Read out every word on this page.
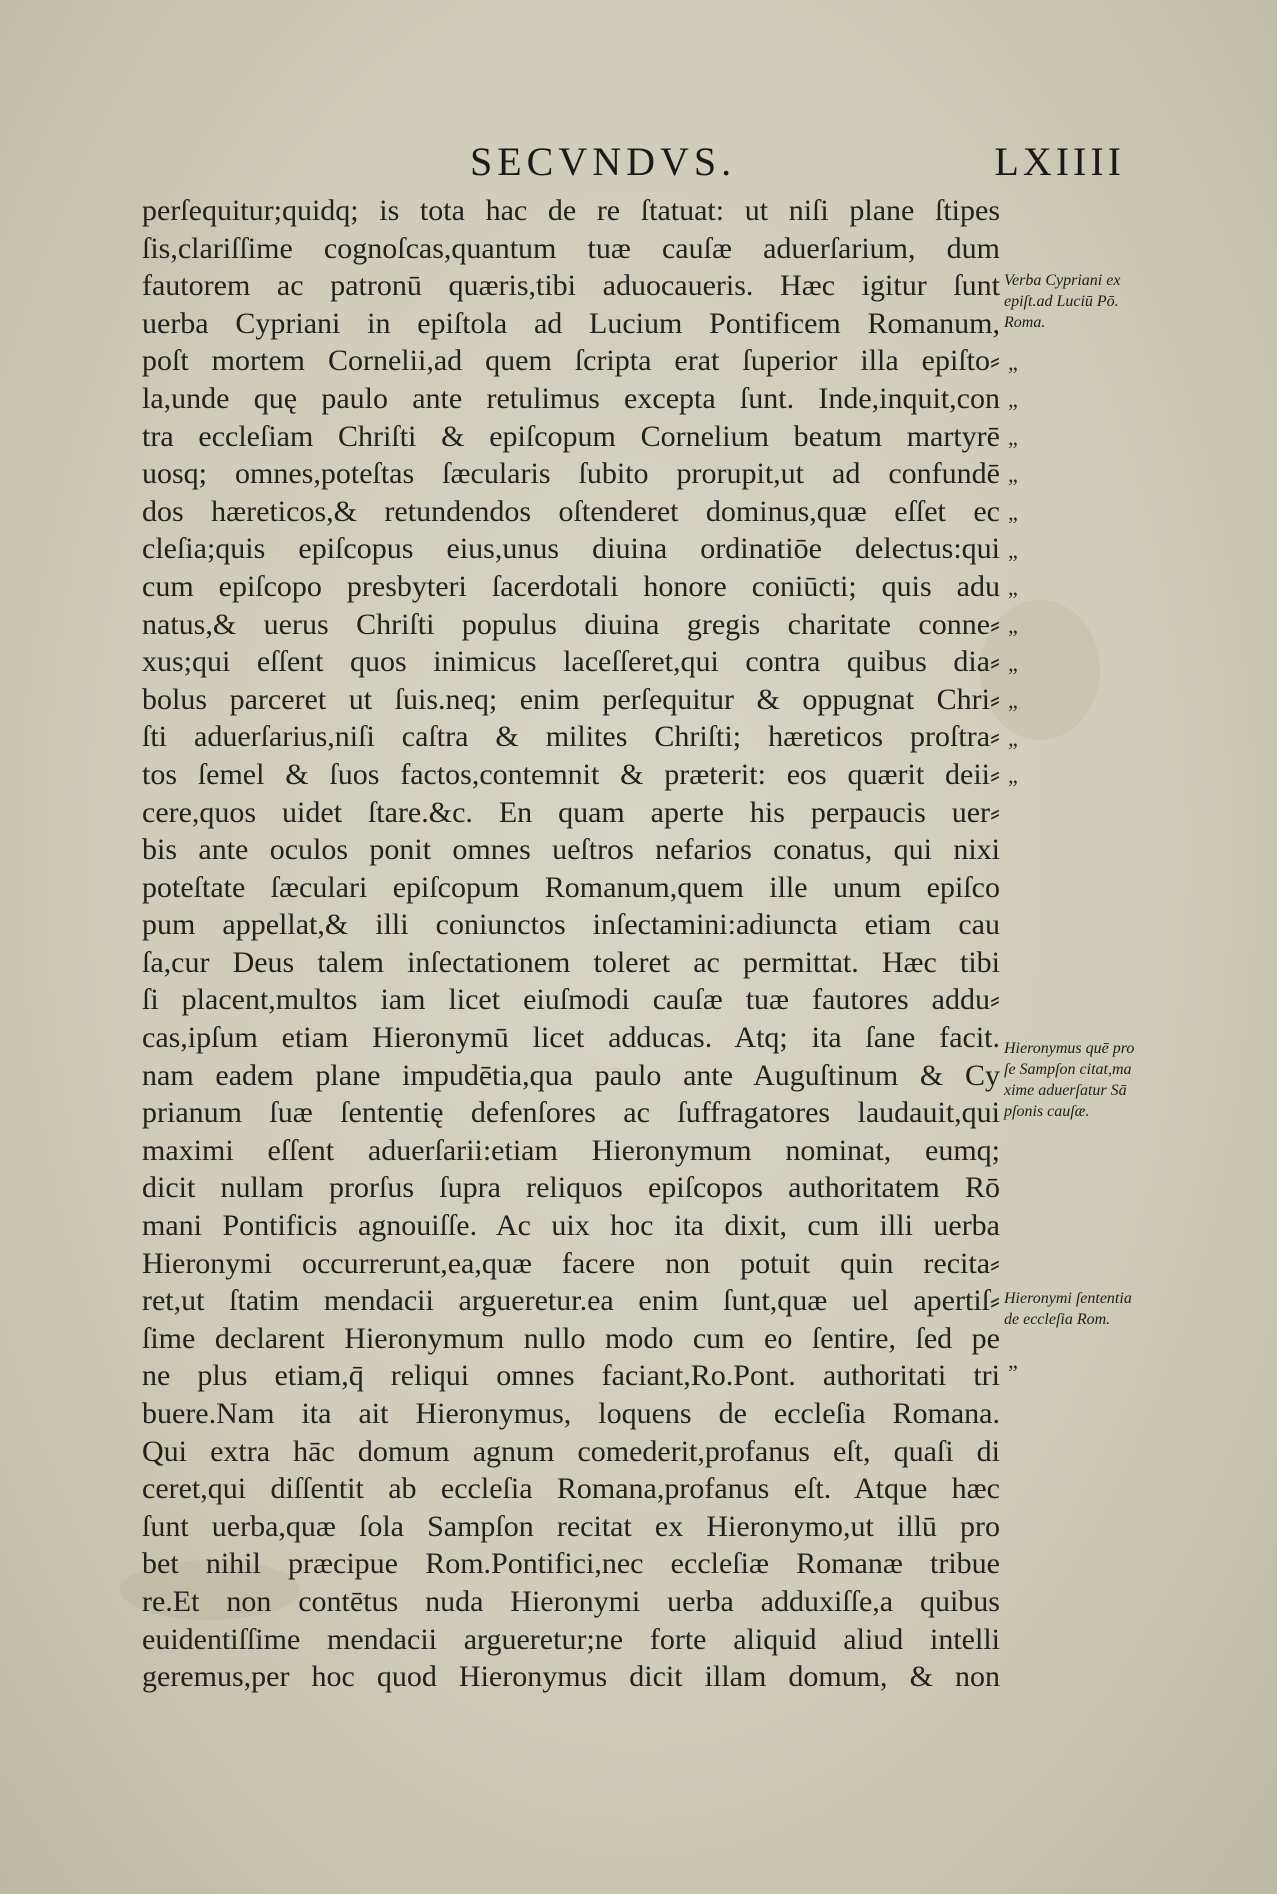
SECVNDVS.	LXIIII
perſequitur;quidq; is tota hac de re ſtatuat: ut niſi plane ſtipes
ſis,clariſſime cognoſcas,quantum tuæ cauſæ aduerſarium, dum
fautorem ac patronū quæris,tibi aduocaueris. Hæc igitur ſunt
uerba Cypriani in epiſtola ad Lucium Pontificem Romanum,
poſt mortem Cornelii,ad quem ſcripta erat ſuperior illa epiſto⸗
la,unde quę paulo ante retulimus excepta ſunt. Inde,inquit,con
tra eccleſiam Chriſti & epiſcopum Cornelium beatum martyrē
uosq; omnes,poteſtas ſæcularis ſubito prorupit,ut ad confundē
dos hæreticos,& retundendos oſtenderet dominus,quæ eſſet ec
cleſia;quis epiſcopus eius,unus diuina ordinatiōe delectus:qui
cum epiſcopo presbyteri ſacerdotali honore coniūcti; quis adu
natus,& uerus Chriſti populus diuina gregis charitate conne⸗
xus;qui eſſent quos inimicus laceſſeret,qui contra quibus dia⸗
bolus parceret ut ſuis.neq; enim perſequitur & oppugnat Chri⸗
ſti aduerſarius,niſi caſtra & milites Chriſti; hæreticos proſtra⸗
tos ſemel & ſuos factos,contemnit & præterit: eos quærit deii⸗
cere,quos uidet ſtare.&c. En quam aperte his perpaucis uer⸗
bis ante oculos ponit omnes ueſtros nefarios conatus, qui nixi
poteſtate ſæculari epiſcopum Romanum,quem ille unum epiſco
pum appellat,& illi coniunctos inſectamini:adiuncta etiam cau
ſa,cur Deus talem inſectationem toleret ac permittat. Hæc tibi
ſi placent,multos iam licet eiuſmodi cauſæ tuæ fautores addu⸗
cas,ipſum etiam Hieronymū licet adducas. Atq; ita ſane facit.
nam eadem plane impudētia,qua paulo ante Auguſtinum & Cy
prianum ſuæ ſententię defenſores ac ſuffragatores laudauit,qui
maximi eſſent aduerſarii:etiam Hieronymum nominat, eumq;
dicit nullam prorſus ſupra reliquos epiſcopos authoritatem Rō
mani Pontificis agnouiſſe. Ac uix hoc ita dixit, cum illi uerba
Hieronymi occurrerunt,ea,quæ facere non potuit quin recita⸗
ret,ut ſtatim mendacii argueretur.ea enim ſunt,quæ uel apertiſ⸗
ſime declarent Hieronymum nullo modo cum eo ſentire, ſed pe
ne plus etiam,q̄ reliqui omnes faciant,Ro.Pont. authoritati tri
buere.Nam ita ait Hieronymus, loquens de eccleſia Romana.
Qui extra hāc domum agnum comederit,profanus eſt, quaſi di
ceret,qui diſſentit ab eccleſia Romana,profanus eſt. Atque hæc
ſunt uerba,quæ ſola Sampſon recitat ex Hieronymo,ut illū pro
bet nihil præcipue Rom.Pontifici,nec eccleſiæ Romanæ tribue
re.Et non contētus nuda Hieronymi uerba adduxiſſe,a quibus
euidentiſſime mendacii argueretur;ne forte aliquid aliud intelli
geremus,per hoc quod Hieronymus dicit illam domum, & non
Verba Cypriani ex
epiſt.ad Luciū Pō.
Roma.
”
”
”
”
”
”
”
”
”
”
”
”
Hieronymus quē pro
ſe Sampſon citat,ma
xime aduerſatur Sā
pſonis cauſæ.
Hieronymi ſententia
de eccleſia Rom.
”
